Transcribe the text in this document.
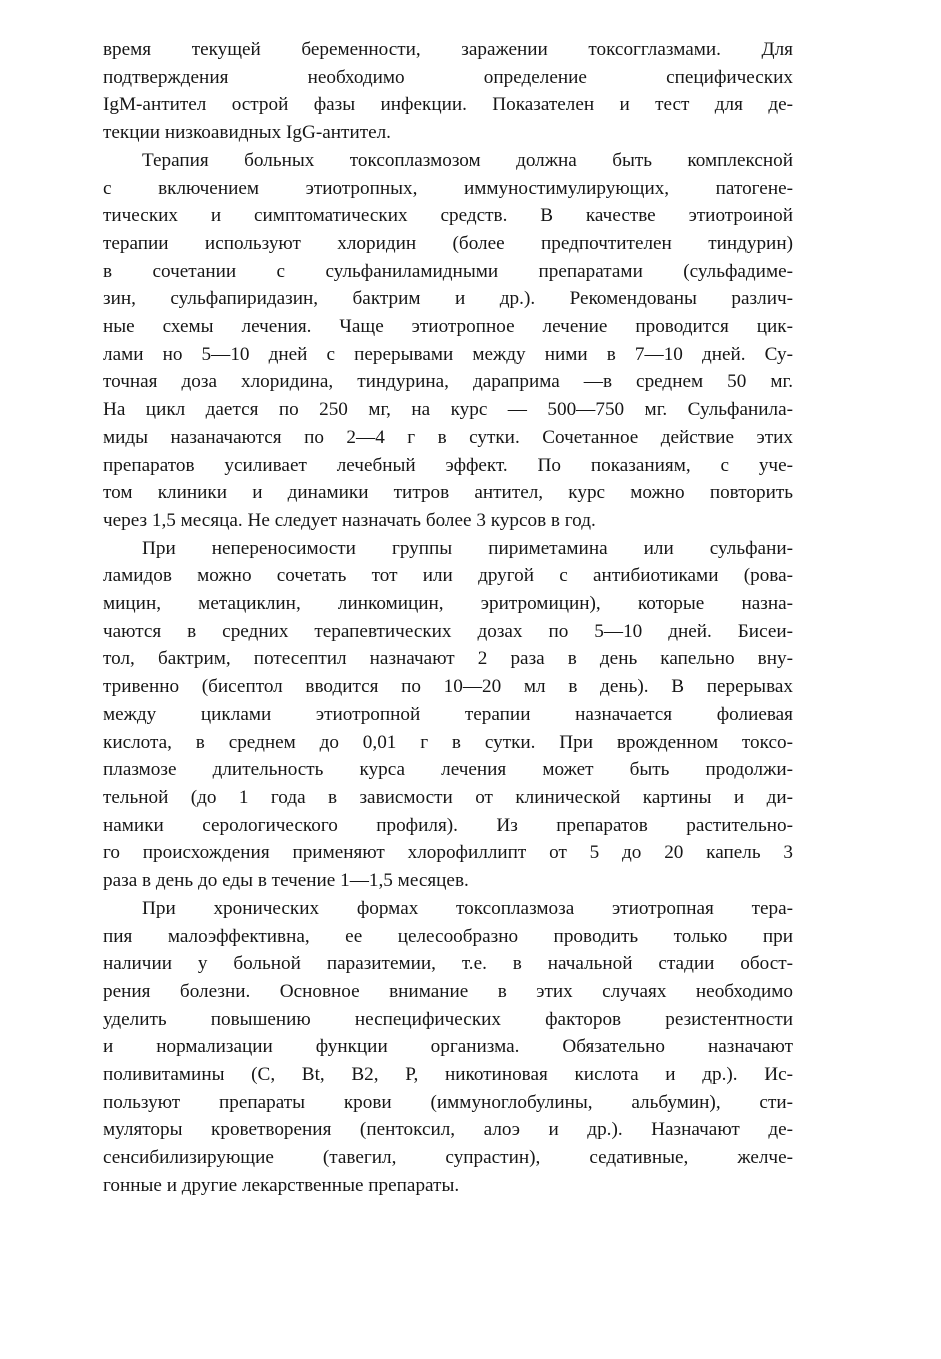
время текущей беременности, заражении токсогглазмами. Для
подтверждения необходимо определение специфических
IgM-антител острой фазы инфекции. Показателен и тест для де-
текции низкоавидных IgG-антител.

Терапия больных токсоплазмозом должна быть комплексной
с включением этиотропных, иммуностимулирующих, патогене-
тических и симптоматических средств. В качестве этиотроиной
терапии используют хлоридин (более предпочтителен тиндурин)
в сочетании с сульфаниламидными препаратами (сульфадиме-
зин, сульфапиридазин, бактрим и др.). Рекомендованы различ-
ные схемы лечения. Чаще этиотропное лечение проводится цик-
лами но 5—10 дней с перерывами между ними в 7—10 дней. Су-
точная доза хлоридина, тиндурина, дараприма —в среднем 50 мг.
На цикл дается по 250 мг, на курс — 500—750 мг. Сульфанила-
миды назаначаются по 2—4 г в сутки. Сочетанное действие этих
препаратов усиливает лечебный эффект. По показаниям, с уче-
том клиники и динамики титров антител, курс можно повторить
через 1,5 месяца. Не следует назначать более 3 курсов в год.

При непереносимости группы пириметамина или сульфани-
ламидов можно сочетать тот или другой с антибиотиками (рова-
мицин, метациклин, линкомицин, эритромицин), которые назна-
чаются в средних терапевтических дозах по 5—10 дней. Бисеи-
тол, бактрим, потесептил назначают 2 раза в день капельно вну-
тривенно (бисептол вводится по 10—20 мл в день). В перерывах
между циклами этиотропной терапии назначается фолиевая
кислота, в среднем до 0,01 г в сутки. При врожденном токсо-
плазмозе длительность курса лечения может быть продолжи-
тельной (до 1 года в зависмости от клинической картины и ди-
намики серологического профиля). Из препаратов растительно-
го происхождения применяют хлорофиллипт от 5 до 20 капель 3
раза в день до еды в течение 1—1,5 месяцев.

При хронических формах токсоплазмоза этиотропная тера-
пия малоэффективна, ее целесообразно проводить только при
наличии у больной паразитемии, т.е. в начальной стадии обост-
рения болезни. Основное внимание в этих случаях необходимо
уделить повышению неспецифических факторов резистентности
и нормализации функции организма. Обязательно назначают
поливитамины (С, Bt, В2, Р, никотиновая кислота и др.). Ис-
пользуют препараты крови (иммуноглобулины, альбумин), сти-
муляторы кроветворения (пентоксил, алоэ и др.). Назначают де-
сенсибилизирующие (тавегил, супрастин), седативные, желче-
гонные и другие лекарственные препараты.
